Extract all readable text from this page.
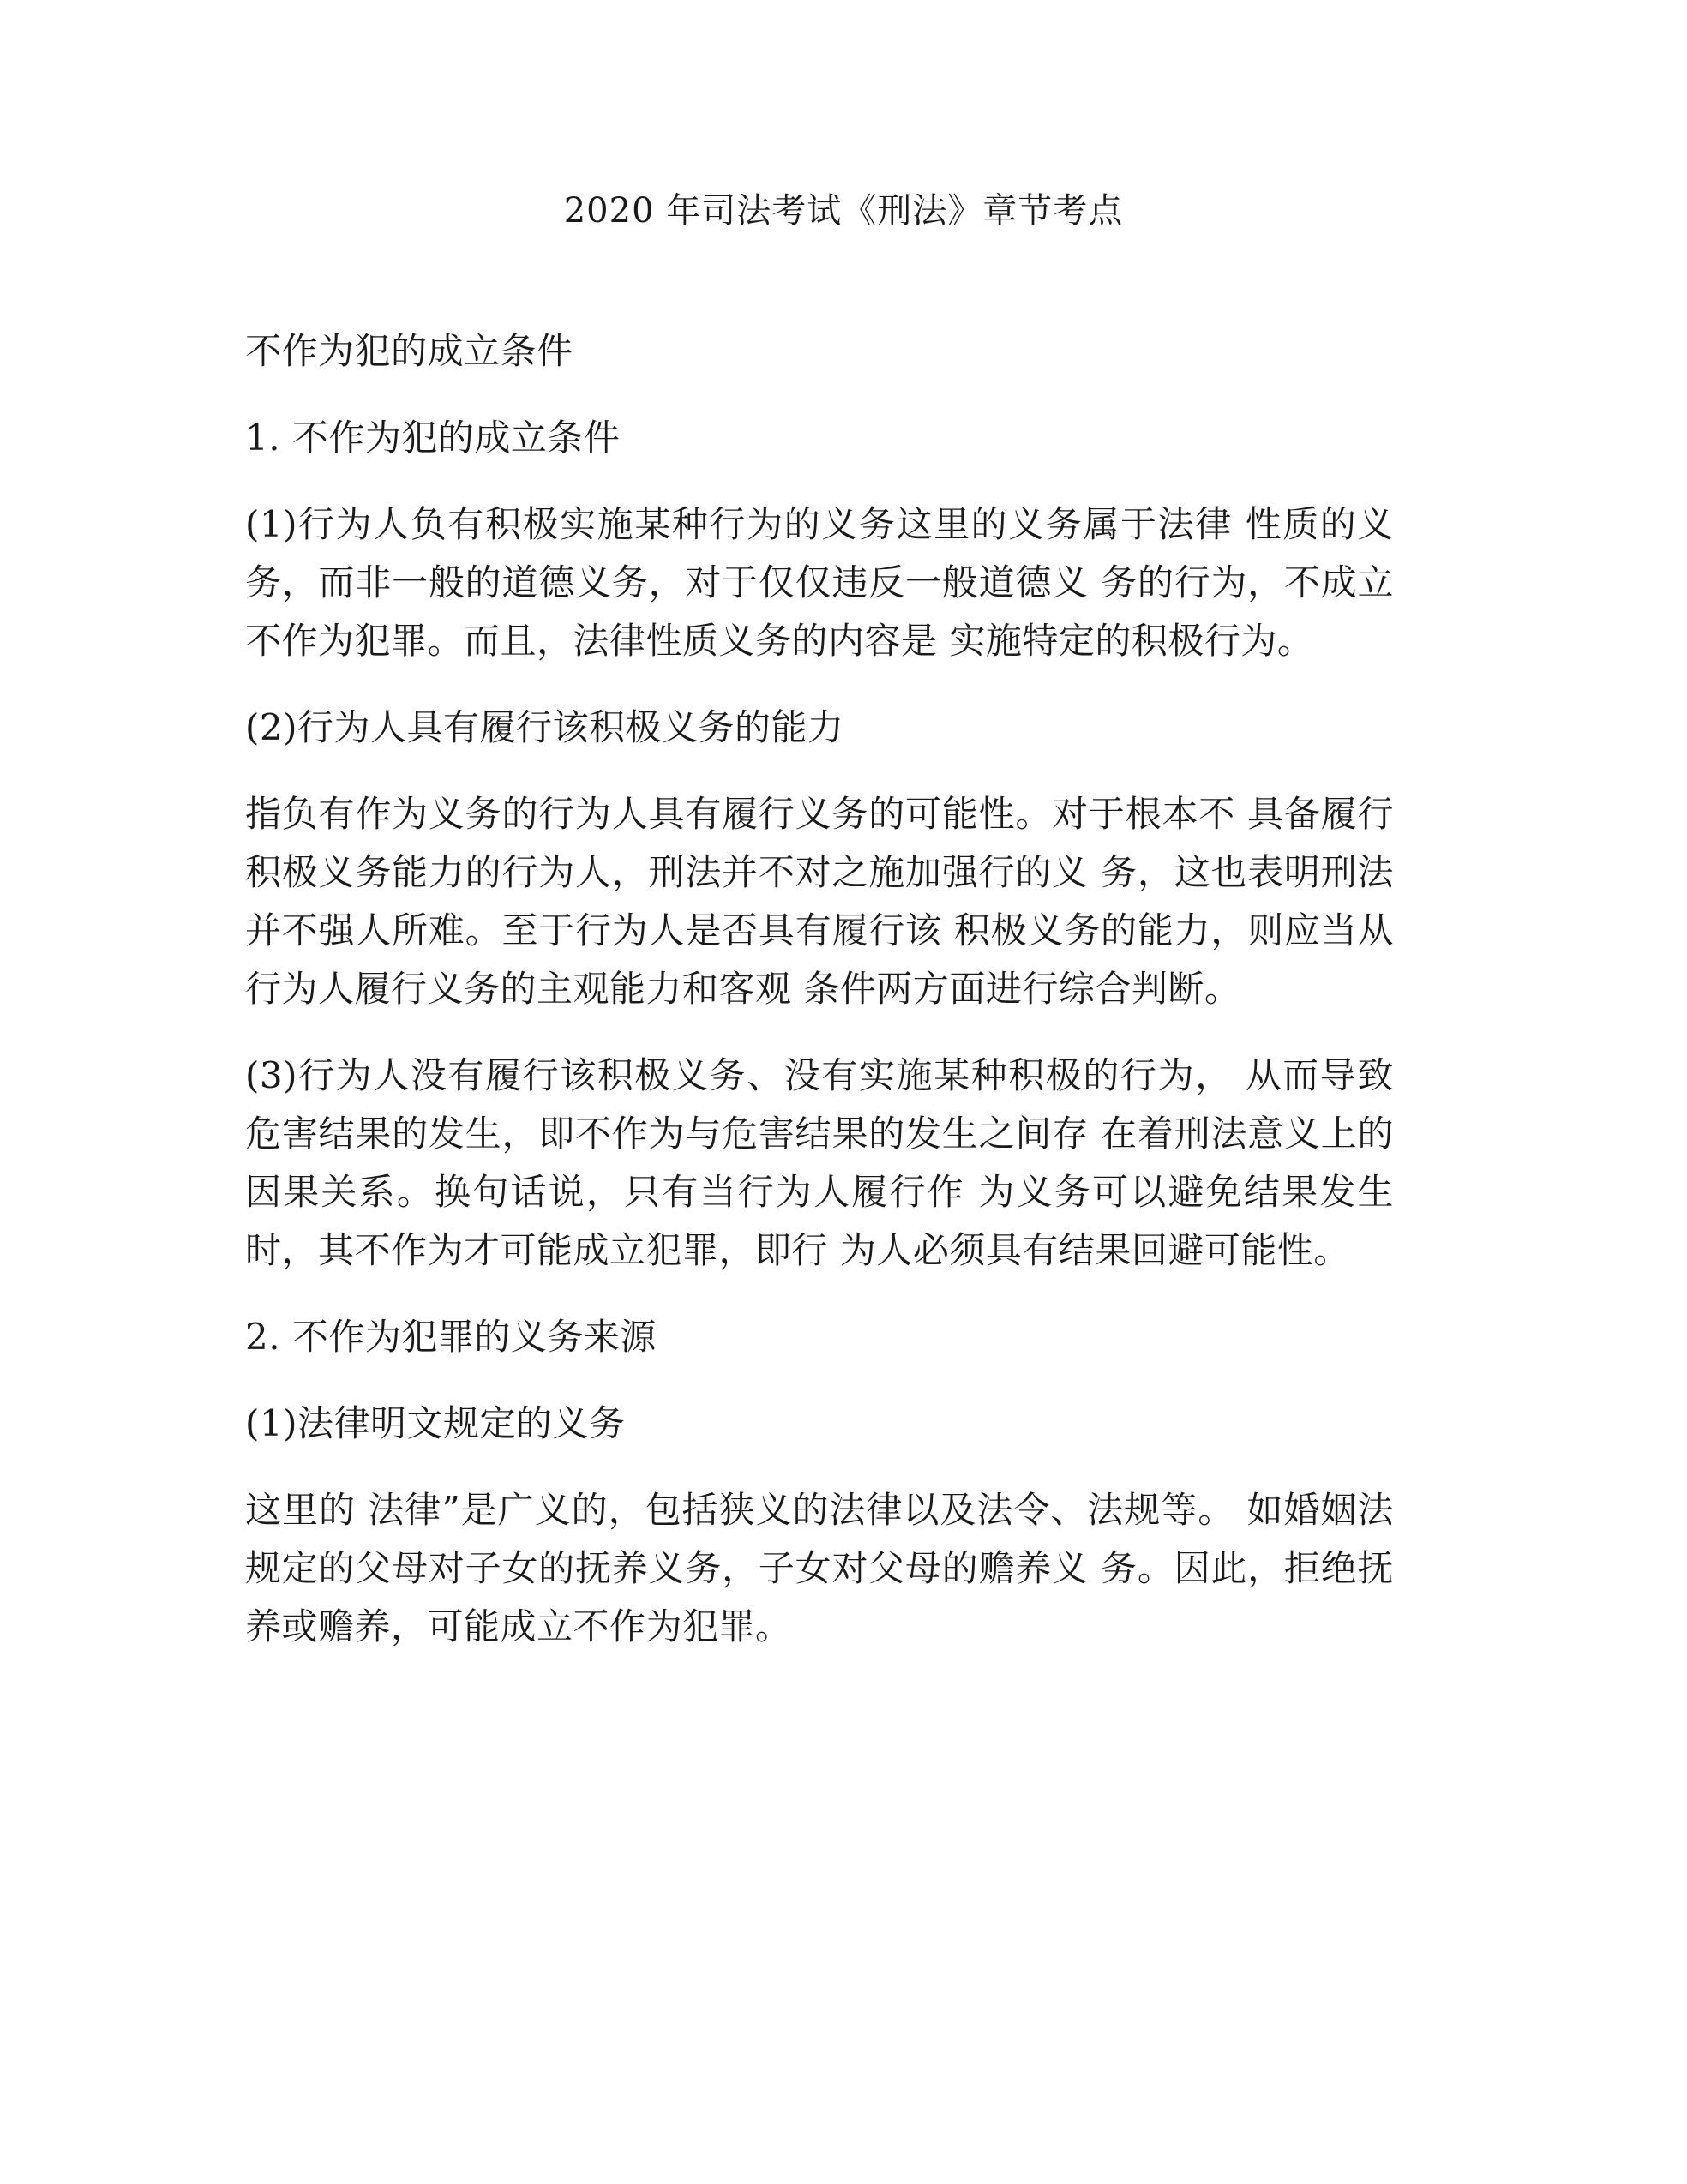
2020 年司法考试《刑法》章节考点

不作为犯的成立条件

1. 不作为犯的成立条件

(1)行为人负有积极实施某种行为的义务这里的义务属于法律 性质的义务，而非一般的道德义务，对于仅仅违反一般道德义 务的行为，不成立不作为犯罪。而且，法律性质义务的内容是 实施特定的积极行为。

(2)行为人具有履行该积极义务的能力

指负有作为义务的行为人具有履行义务的可能性。对于根本不 具备履行积极义务能力的行为人，刑法并不对之施加强行的义 务，这也表明刑法并不强人所难。至于行为人是否具有履行该 积极义务的能力，则应当从行为人履行义务的主观能力和客观 条件两方面进行综合判断。

(3)行为人没有履行该积极义务、没有实施某种积极的行为， 从而导致危害结果的发生，即不作为与危害结果的发生之间存 在着刑法意义上的因果关系。换句话说，只有当行为人履行作 为义务可以避免结果发生时，其不作为才可能成立犯罪，即行 为人必须具有结果回避可能性。

2. 不作为犯罪的义务来源

(1)法律明文规定的义务

这里的 法律”是广义的，包括狭义的法律以及法令、法规等。 如婚姻法规定的父母对子女的抚养义务，子女对父母的赡养义 务。因此，拒绝抚养或赡养，可能成立不作为犯罪。
